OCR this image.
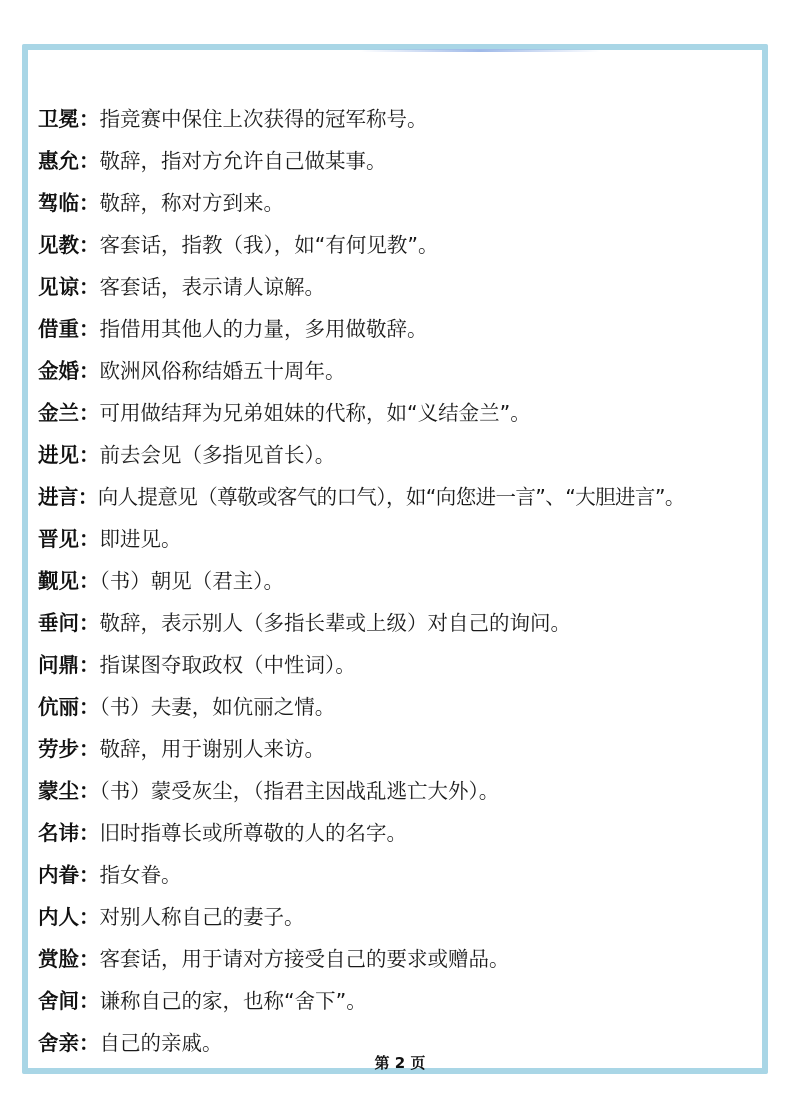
卫冕：指竞赛中保住上次获得的冠军称号。
惠允：敬辞，指对方允许自己做某事。
驾临：敬辞，称对方到来。
见教：客套话，指教（我），如“有何见教”。
见谅：客套话，表示请人谅解。
借重：指借用其他人的力量，多用做敬辞。
金婚：欧洲风俗称结婚五十周年。
金兰：可用做结拜为兄弟姐妹的代称，如“义结金兰”。
进见：前去会见（多指见首长）。
进言：向人提意见（尊敬或客气的口气），如“向您进一言”、“大胆进言”。
晋见：即进见。
觐见：（书）朝见（君主）。
垂问：敬辞，表示别人（多指长辈或上级）对自己的询问。
问鼎：指谋图夺取政权（中性词）。
伉丽：（书）夫妻，如伉丽之情。
劳步：敬辞，用于谢别人来访。
蒙尘：（书）蒙受灰尘，（指君主因战乱逃亡大外）。
名讳：旧时指尊长或所尊敬的人的名字。
内眷：指女眷。
内人：对别人称自己的妻子。
赏脸：客套话，用于请对方接受自己的要求或赠品。
舍间：谦称自己的家，也称“舍下”。
舍亲：自己的亲戚。
第 2 页
